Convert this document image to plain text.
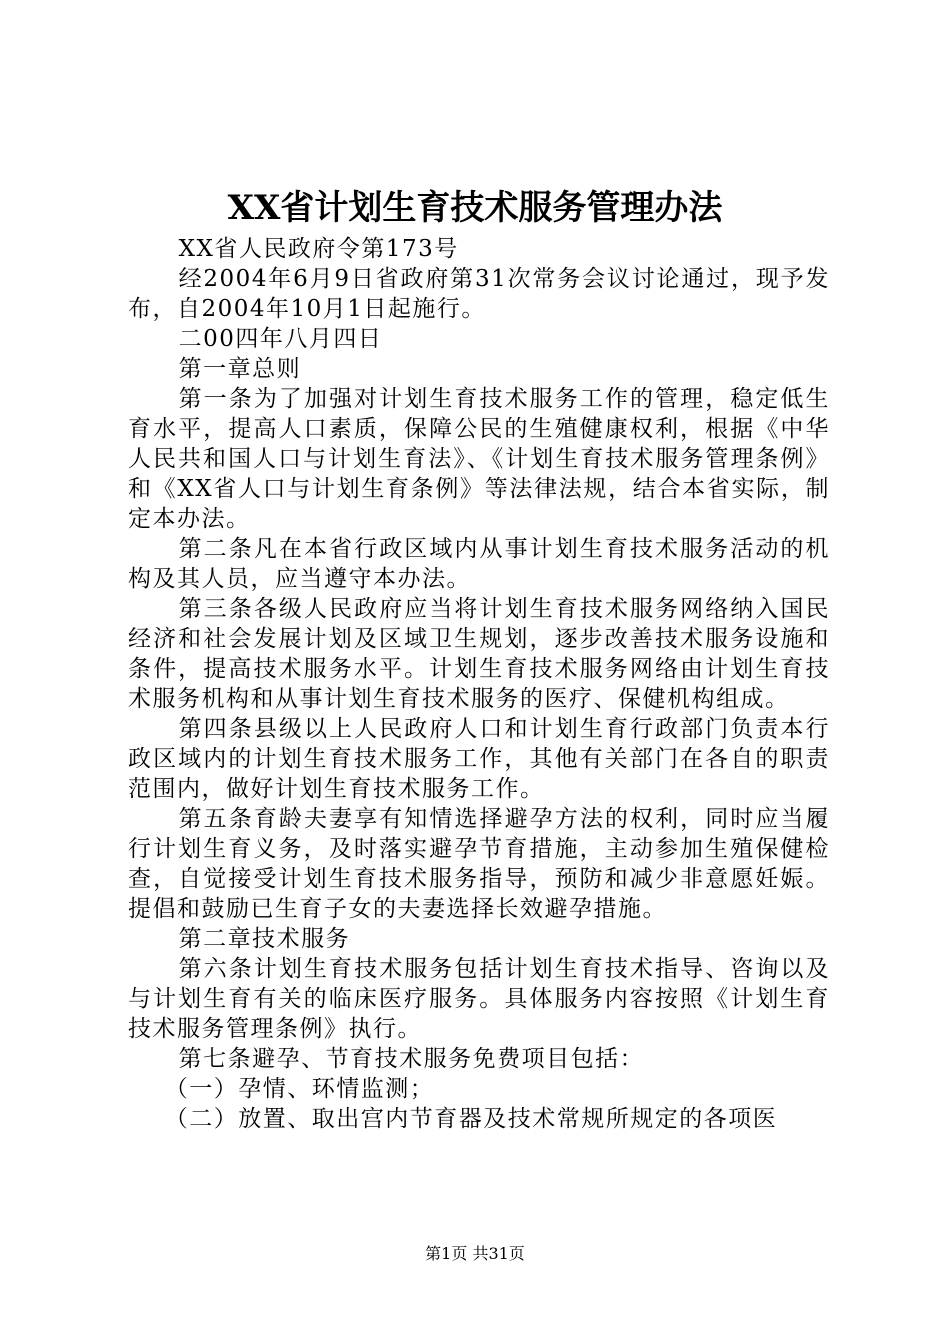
XX省计划生育技术服务管理办法

XX省人民政府令第173号

经2004年6月9日省政府第31次常务会议讨论通过，现予发布，自2004年10月1日起施行。

二00四年八月四日

第一章总则

第一条为了加强对计划生育技术服务工作的管理，稳定低生育水平，提高人口素质，保障公民的生殖健康权利，根据《中华人民共和国人口与计划生育法》、《计划生育技术服务管理条例》和《XX省人口与计划生育条例》等法律法规，结合本省实际，制定本办法。

第二条凡在本省行政区域内从事计划生育技术服务活动的机构及其人员，应当遵守本办法。

第三条各级人民政府应当将计划生育技术服务网络纳入国民经济和社会发展计划及区域卫生规划，逐步改善技术服务设施和条件，提高技术服务水平。计划生育技术服务网络由计划生育技术服务机构和从事计划生育技术服务的医疗、保健机构组成。

第四条县级以上人民政府人口和计划生育行政部门负责本行政区域内的计划生育技术服务工作，其他有关部门在各自的职责范围内，做好计划生育技术服务工作。

第五条育龄夫妻享有知情选择避孕方法的权利，同时应当履行计划生育义务，及时落实避孕节育措施，主动参加生殖保健检查，自觉接受计划生育技术服务指导，预防和减少非意愿妊娠。提倡和鼓励已生育子女的夫妻选择长效避孕措施。

第二章技术服务

第六条计划生育技术服务包括计划生育技术指导、咨询以及与计划生育有关的临床医疗服务。具体服务内容按照《计划生育技术服务管理条例》执行。

第七条避孕、节育技术服务免费项目包括：

（一）孕情、环情监测；

（二）放置、取出宫内节育器及技术常规所规定的各项医

第1页 共31页
